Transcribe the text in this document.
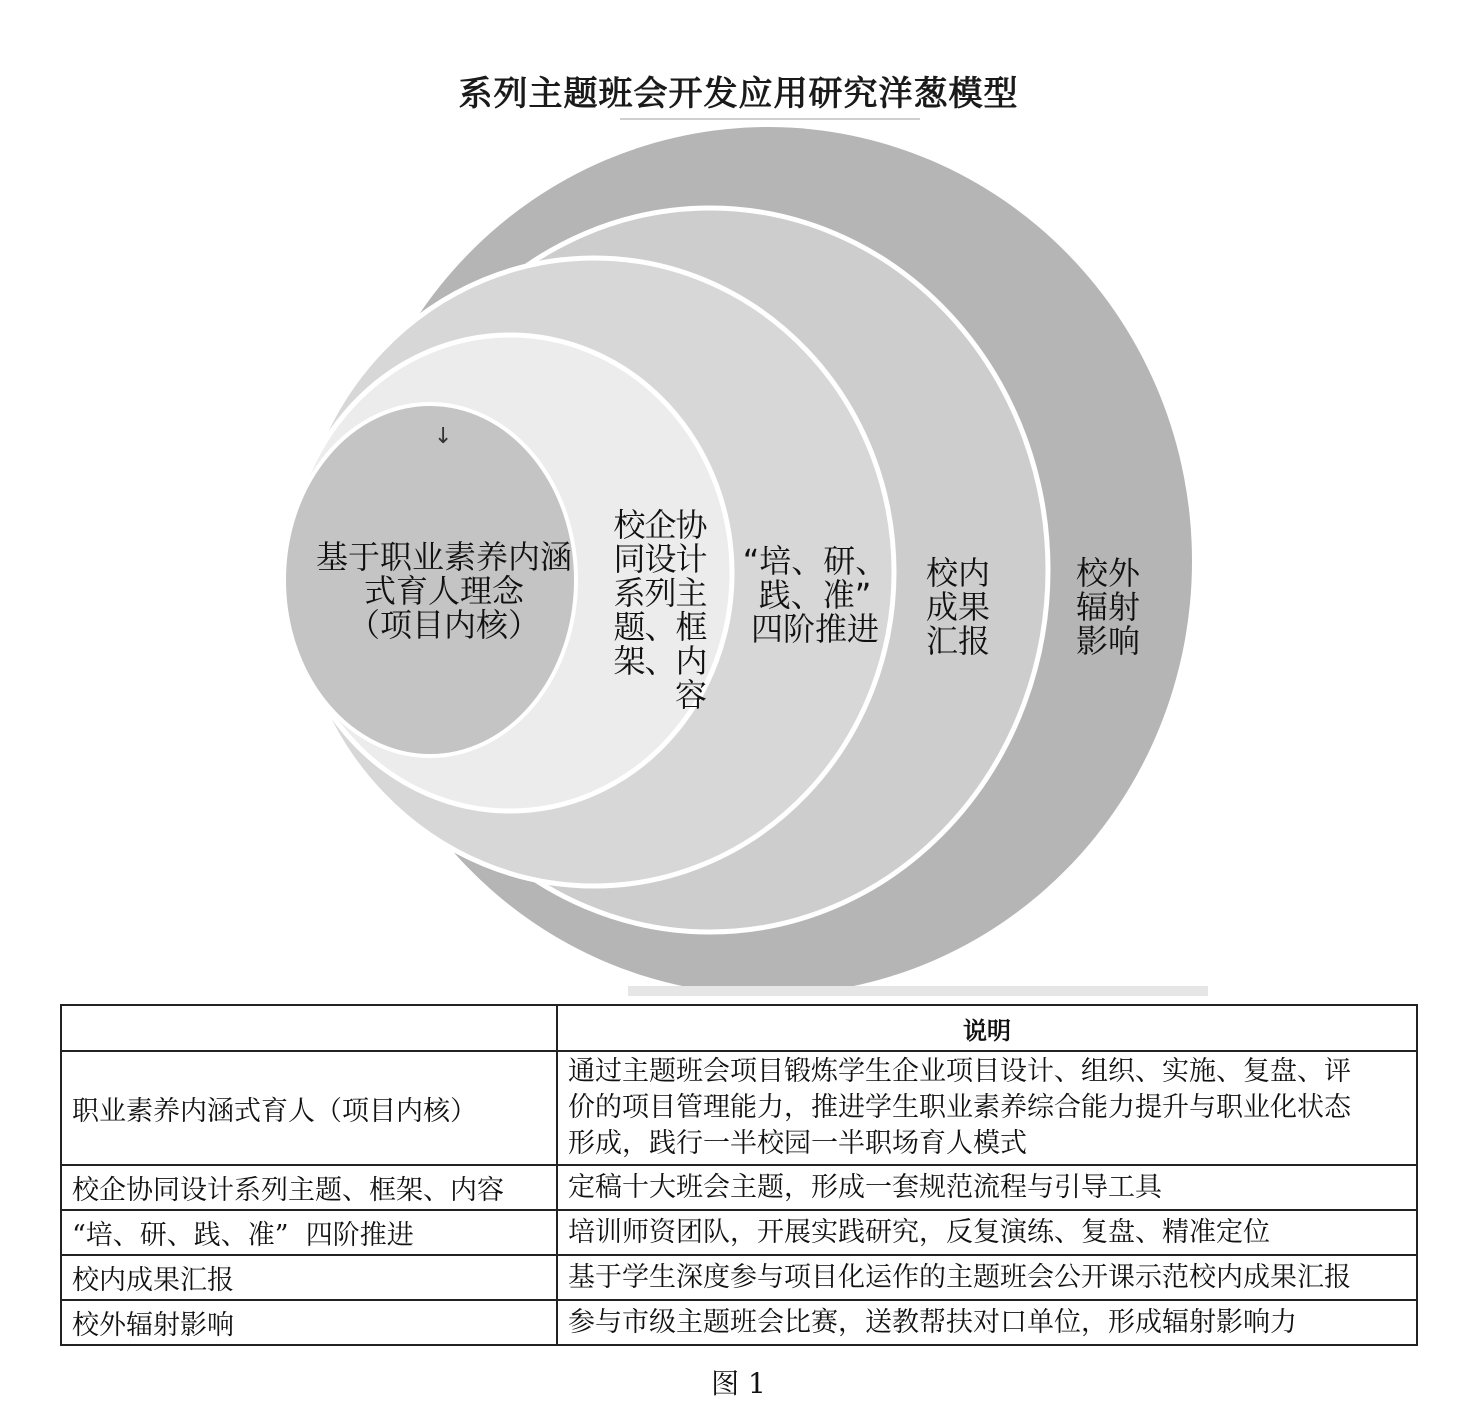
系列主题班会开发应用研究洋葱模型
↓
基于职业素养内涵
式育人理念
（项目内核）
校企协
同设计
系列主
题、框
架、内
容
“培、研、
践、准”
四阶推进
校内
成果
汇报
校外
辐射
影响
	说明
职业素养内涵式育人（项目内核）	通过主题班会项目锻炼学生企业项目设计、组织、实施、复盘、评
价的项目管理能力，推进学生职业素养综合能力提升与职业化状态
形成，践行一半校园一半职场育人模式

校企协同设计系列主题、框架、内容	定稿十大班会主题，形成一套规范流程与引导工具
“培、研、践、准”  四阶推进	培训师资团队，开展实践研究，反复演练、复盘、精准定位
校内成果汇报	基于学生深度参与项目化运作的主题班会公开课示范校内成果汇报
校外辐射影响	参与市级主题班会比赛，送教帮扶对口单位，形成辐射影响力
图 1
